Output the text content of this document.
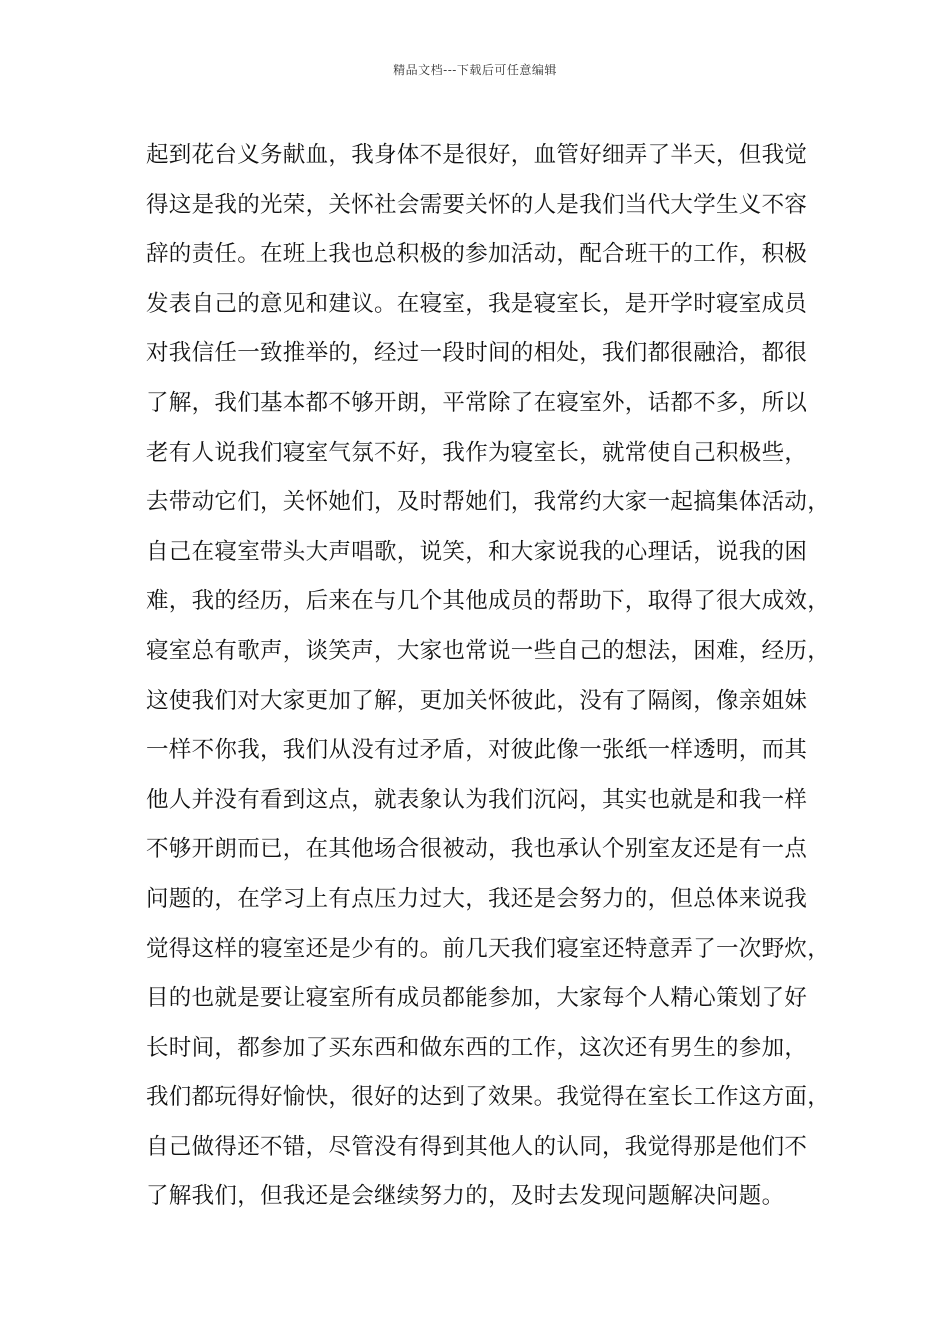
精品文档---下载后可任意编辑
起到花台义务献血，我身体不是很好，血管好细弄了半天，但我觉
得这是我的光荣，关怀社会需要关怀的人是我们当代大学生义不容
辞的责任。在班上我也总积极的参加活动，配合班干的工作，积极
发表自己的意见和建议。在寝室，我是寝室长，是开学时寝室成员
对我信任一致推举的，经过一段时间的相处，我们都很融洽，都很
了解，我们基本都不够开朗，平常除了在寝室外，话都不多，所以
老有人说我们寝室气氛不好，我作为寝室长，就常使自己积极些，
去带动它们，关怀她们，及时帮她们，我常约大家一起搞集体活动，
自己在寝室带头大声唱歌，说笑，和大家说我的心理话，说我的困
难，我的经历，后来在与几个其他成员的帮助下，取得了很大成效，
寝室总有歌声，谈笑声，大家也常说一些自己的想法，困难，经历，
这使我们对大家更加了解，更加关怀彼此，没有了隔阂，像亲姐妹
一样不你我，我们从没有过矛盾，对彼此像一张纸一样透明，而其
他人并没有看到这点，就表象认为我们沉闷，其实也就是和我一样
不够开朗而已，在其他场合很被动，我也承认个别室友还是有一点
问题的，在学习上有点压力过大，我还是会努力的，但总体来说我
觉得这样的寝室还是少有的。前几天我们寝室还特意弄了一次野炊，
目的也就是要让寝室所有成员都能参加，大家每个人精心策划了好
长时间，都参加了买东西和做东西的工作，这次还有男生的参加，
我们都玩得好愉快，很好的达到了效果。我觉得在室长工作这方面，
自己做得还不错，尽管没有得到其他人的认同，我觉得那是他们不
了解我们，但我还是会继续努力的，及时去发现问题解决问题。
